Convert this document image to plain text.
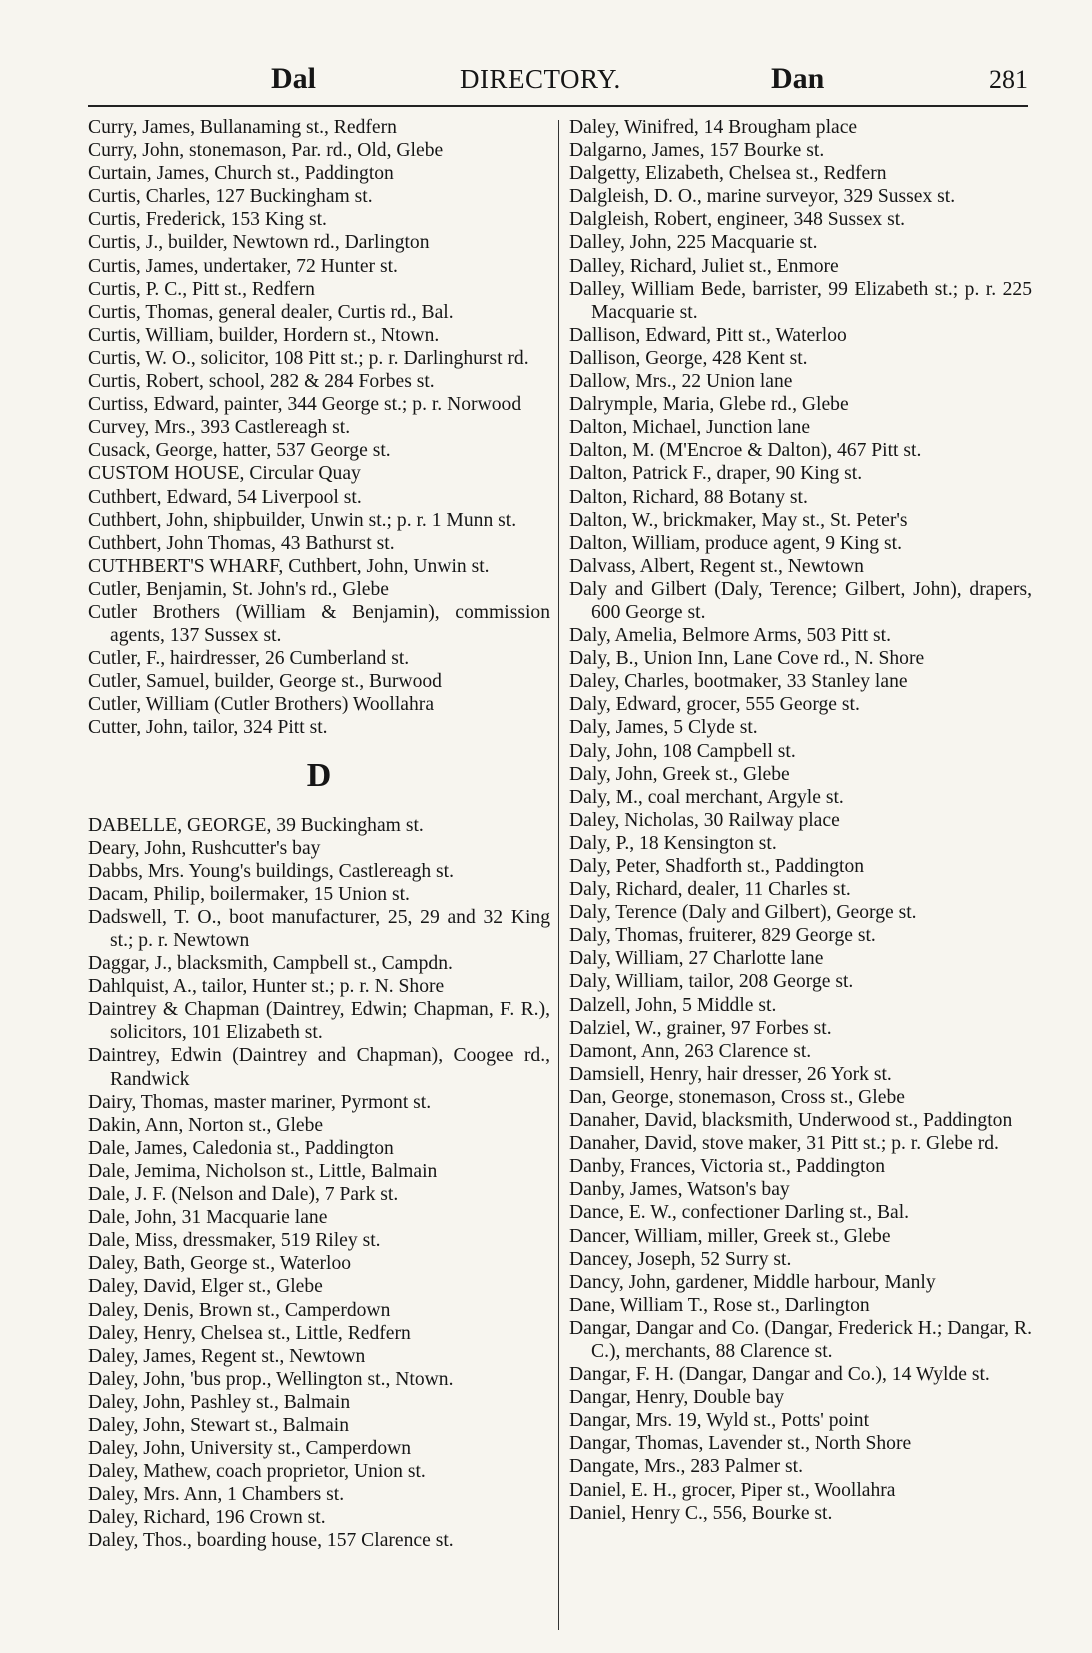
Dal	DIRECTORY.	Dan	281
Curry, James, Bullanaming st., Redfern
Curry, John, stonemason, Par. rd., Old, Glebe
Curtain, James, Church st., Paddington
Curtis, Charles, 127 Buckingham st.
Curtis, Frederick, 153 King st.
Curtis, J., builder, Newtown rd., Darlington
Curtis, James, undertaker, 72 Hunter st.
Curtis, P. C., Pitt st., Redfern
Curtis, Thomas, general dealer, Curtis rd., Bal.
Curtis, William, builder, Hordern st., Ntown.
Curtis, W. O., solicitor, 108 Pitt st.; p. r. Darlinghurst rd.
Curtis, Robert, school, 282 & 284 Forbes st.
Curtiss, Edward, painter, 344 George st.; p. r. Norwood
Curvey, Mrs., 393 Castlereagh st.
Cusack, George, hatter, 537 George st.
CUSTOM HOUSE, Circular Quay
Cuthbert, Edward, 54 Liverpool st.
Cuthbert, John, shipbuilder, Unwin st.; p. r. 1 Munn st.
Cuthbert, John Thomas, 43 Bathurst st.
CUTHBERT'S WHARF, Cuthbert, John, Unwin st.
Cutler, Benjamin, St. John's rd., Glebe
Cutler Brothers (William & Benjamin), commission agents, 137 Sussex st.
Cutler, F., hairdresser, 26 Cumberland st.
Cutler, Samuel, builder, George st., Burwood
Cutler, William (Cutler Brothers) Woollahra
Cutter, John, tailor, 324 Pitt st.
D
DABELLE, GEORGE, 39 Buckingham st.
Deary, John, Rushcutter's bay
Dabbs, Mrs. Young's buildings, Castlereagh st.
Dacam, Philip, boilermaker, 15 Union st.
Dadswell, T. O., boot manufacturer, 25, 29 and 32 King st.; p. r. Newtown
Daggar, J., blacksmith, Campbell st., Campdn.
Dahlquist, A., tailor, Hunter st.; p. r. N. Shore
Daintrey & Chapman (Daintrey, Edwin; Chapman, F. R.), solicitors, 101 Elizabeth st.
Daintrey, Edwin (Daintrey and Chapman), Coogee rd., Randwick
Dairy, Thomas, master mariner, Pyrmont st.
Dakin, Ann, Norton st., Glebe
Dale, James, Caledonia st., Paddington
Dale, Jemima, Nicholson st., Little, Balmain
Dale, J. F. (Nelson and Dale), 7 Park st.
Dale, John, 31 Macquarie lane
Dale, Miss, dressmaker, 519 Riley st.
Daley, Bath, George st., Waterloo
Daley, David, Elger st., Glebe
Daley, Denis, Brown st., Camperdown
Daley, Henry, Chelsea st., Little, Redfern
Daley, James, Regent st., Newtown
Daley, John, 'bus prop., Wellington st., Ntown.
Daley, John, Pashley st., Balmain
Daley, John, Stewart st., Balmain
Daley, John, University st., Camperdown
Daley, Mathew, coach proprietor, Union st.
Daley, Mrs. Ann, 1 Chambers st.
Daley, Richard, 196 Crown st.
Daley, Thos., boarding house, 157 Clarence st.
Daley, Winifred, 14 Brougham place
Dalgarno, James, 157 Bourke st.
Dalgetty, Elizabeth, Chelsea st., Redfern
Dalgleish, D. O., marine surveyor, 329 Sussex st.
Dalgleish, Robert, engineer, 348 Sussex st.
Dalley, John, 225 Macquarie st.
Dalley, Richard, Juliet st., Enmore
Dalley, William Bede, barrister, 99 Elizabeth st.; p. r. 225 Macquarie st.
Dallison, Edward, Pitt st., Waterloo
Dallison, George, 428 Kent st.
Dallow, Mrs., 22 Union lane
Dalrymple, Maria, Glebe rd., Glebe
Dalton, Michael, Junction lane
Dalton, M. (M'Encroe & Dalton), 467 Pitt st.
Dalton, Patrick F., draper, 90 King st.
Dalton, Richard, 88 Botany st.
Dalton, W., brickmaker, May st., St. Peter's
Dalton, William, produce agent, 9 King st.
Dalvass, Albert, Regent st., Newtown
Daly and Gilbert (Daly, Terence; Gilbert, John), drapers, 600 George st.
Daly, Amelia, Belmore Arms, 503 Pitt st.
Daly, B., Union Inn, Lane Cove rd., N. Shore
Daley, Charles, bootmaker, 33 Stanley lane
Daly, Edward, grocer, 555 George st.
Daly, James, 5 Clyde st.
Daly, John, 108 Campbell st.
Daly, John, Greek st., Glebe
Daly, M., coal merchant, Argyle st.
Daley, Nicholas, 30 Railway place
Daly, P., 18 Kensington st.
Daly, Peter, Shadforth st., Paddington
Daly, Richard, dealer, 11 Charles st.
Daly, Terence (Daly and Gilbert), George st.
Daly, Thomas, fruiterer, 829 George st.
Daly, William, 27 Charlotte lane
Daly, William, tailor, 208 George st.
Dalzell, John, 5 Middle st.
Dalziel, W., grainer, 97 Forbes st.
Damont, Ann, 263 Clarence st.
Damsiell, Henry, hair dresser, 26 York st.
Dan, George, stonemason, Cross st., Glebe
Danaher, David, blacksmith, Underwood st., Paddington
Danaher, David, stove maker, 31 Pitt st.; p. r. Glebe rd.
Danby, Frances, Victoria st., Paddington
Danby, James, Watson's bay
Dance, E. W., confectioner Darling st., Bal.
Dancer, William, miller, Greek st., Glebe
Dancey, Joseph, 52 Surry st.
Dancy, John, gardener, Middle harbour, Manly
Dane, William T., Rose st., Darlington
Dangar, Dangar and Co. (Dangar, Frederick H.; Dangar, R. C.), merchants, 88 Clarence st.
Dangar, F. H. (Dangar, Dangar and Co.), 14 Wylde st.
Dangar, Henry, Double bay
Dangar, Mrs. 19, Wyld st., Potts' point
Dangar, Thomas, Lavender st., North Shore
Dangate, Mrs., 283 Palmer st.
Daniel, E. H., grocer, Piper st., Woollahra
Daniel, Henry C., 556, Bourke st.
